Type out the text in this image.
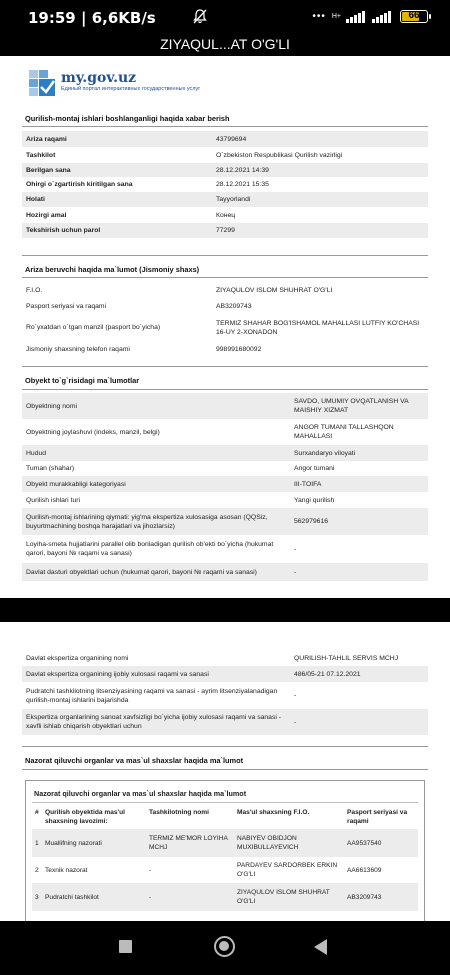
19:59 | 6,6KB/s	••• H+	66
ZIYAQUL...AT O'G'LI
my.gov.uz
Единый портал интерактивных государственных услуг
Qurilish-montaj ishlari boshlanganligi haqida xabar berish
Ariza raqami	43799694
Tashkilot	O`zbekiston Respublikasi Qurilish vazirligi
Berilgan sana	28.12.2021 14:39
Ohirgi o`zgartirish kiritilgan sana	28.12.2021 15:35
Holati	Tayyorlandi
Hozirgi amal	Конец
Tekshirish uchun parol	77299
Ariza beruvchi haqida ma`lumot (Jismoniy shaxs)
F.I.O.	ZIYAQULOV ISLOM SHUHRAT O'G'LI
Pasport seriyasi va raqami	AB3209743
Ro`yxatdan o`tgan manzil (pasport bo`yicha)	TERMIZ SHAHAR BOG'ISHAMOL MAHALLASI LUTFIY KO'CHASI 16-UY 2-XONADON
Jismoniy shaxsning telefon raqami	998991680092
Obyekt to`g`risidagi ma`lumotlar
Obyektning nomi	SAVDO, UMUMIY OVQATLANISH VA MAISHIY XIZMAT
Obyektning joylashuvi (indeks, manzil, belgi)	ANGOR TUMANI TALLASHQON MAHALLASI
Hudud	Surxandaryo viloyati
Tuman (shahar)	Angor tumani
Obyekt murakkabligi kategoriyasi	III-TOIFA
Qurilish ishlari turi	Yangi qurilish
Qurilish-montaj ishlarining qiymati: yig'ma ekspertiza xulosasiga asosan (QQSiz, buyurtmachining boshqa harajatlari va jihozlarsiz)	562979616
Loyiha-smeta hujjatlarini parallel olib boriladigan qurilish ob'ekti bo`yicha (hukumat qarori, bayoni № raqami va sanasi)	-
Davlat dasturi obyektlari uchun (hukumat qarori, bayoni № raqami va sanasi)	-
Davlat ekspertiza organining nomi	QURILISH-TAHLIL SERVIS MCHJ
Davlat ekspertiza organining ijobiy xulosasi raqami va sanasi	486/05-21 07.12.2021
Pudratchi tashkilotning litsenziyasining raqami va sanasi - ayrim litsenziyalanadigan qurilish-montaj ishlarini bajarishda	-
Ekspertiza organlarining sanoat xavfsizligi bo`yicha ijobiy xulosasi raqami va sanasi - xavfli ishlab chiqarish obyektlari uchun	-
Nazorat qiluvchi organlar va mas`ul shaxslar haqida ma`lumot
Nazorat qiluvchi organlar va mas`ul shaxslar haqida ma`lumot
#	Qurilish obyektida mas'ul shaxsning lavozimi:	Tashkilotning nomi	Mas'ul shaxsning F.I.O.	Pasport seriyasi va raqami
1	Muallifning nazorati	TERMIZ ME'MOR LOYIHA MCHJ	NABIYEV OBIDJON MUXIBULLAYEVICH	AA9537540
2	Texnik nazorat	-	PARDAYEV SARDORBEK ERKIN O'G'LI	AA6613609
3	Pudratchi tashkilot	-	ZIYAQULOV ISLOM SHUHRAT O'G'LI	AB3209743
